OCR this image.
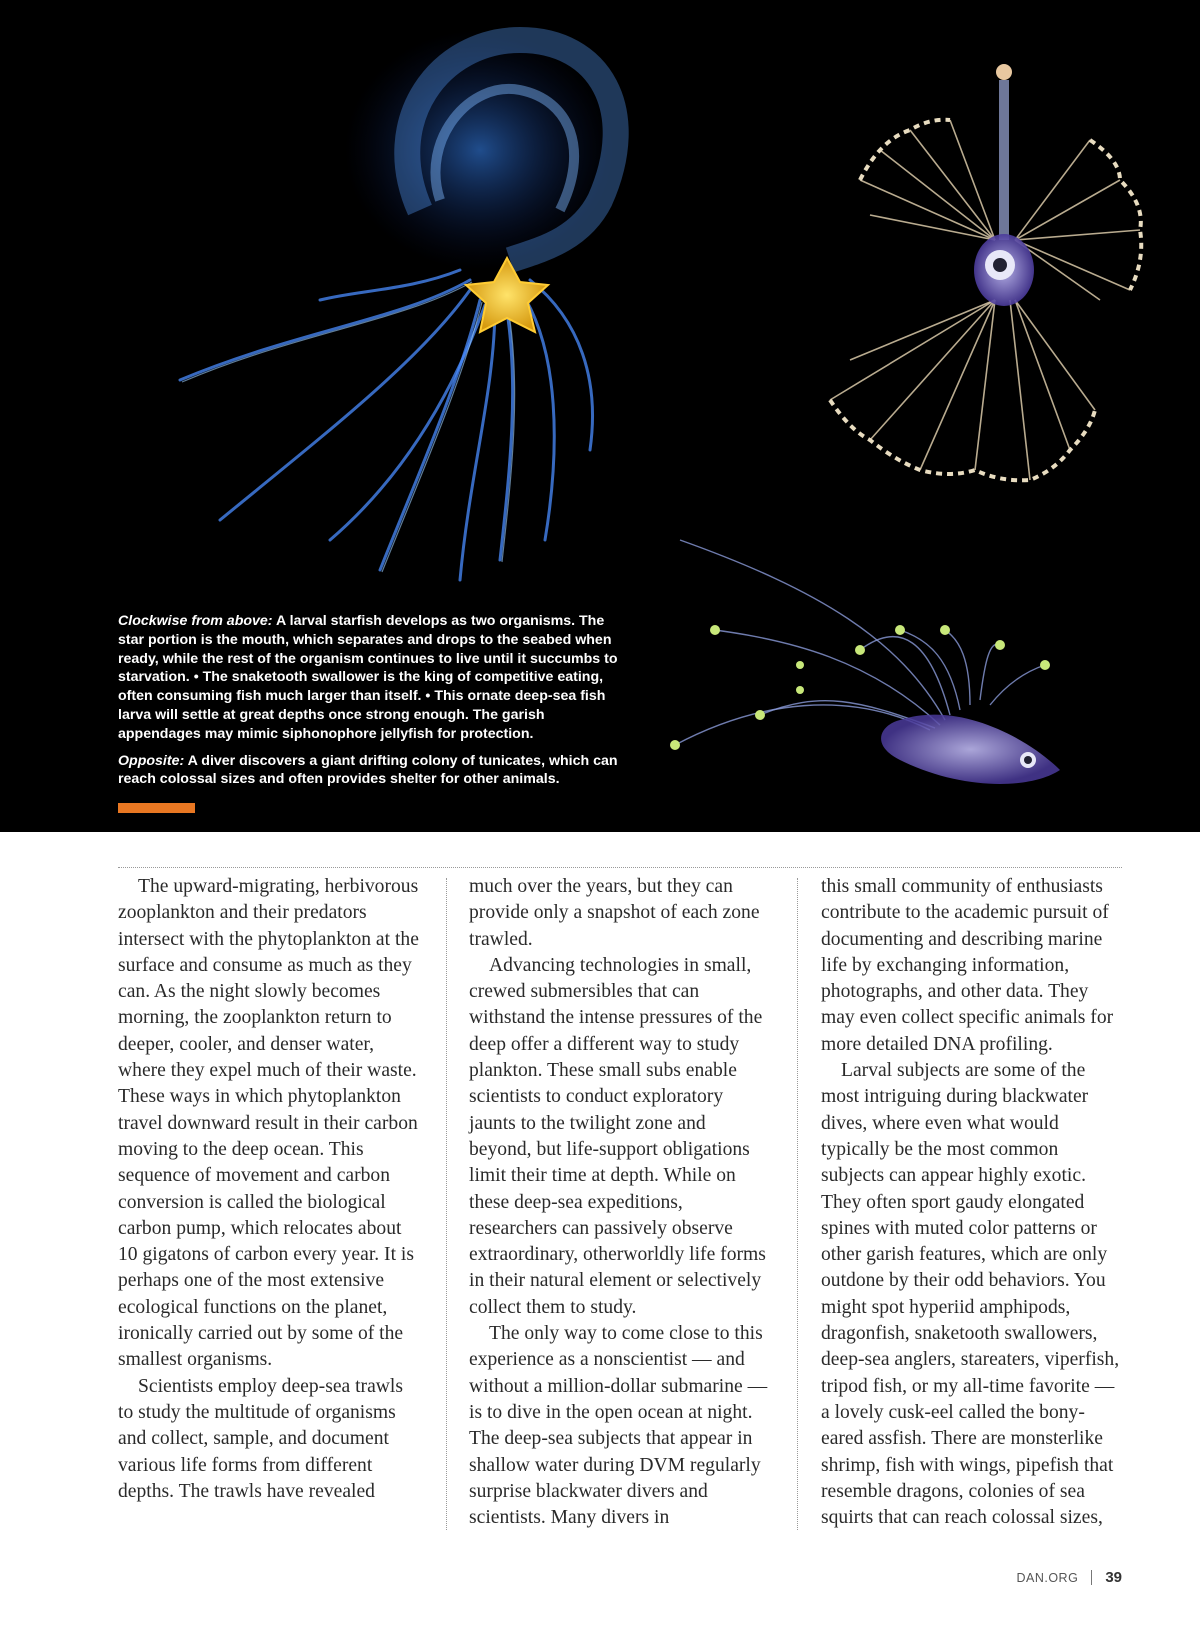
Clockwise from above: A larval starfish develops as two organisms. The star portion is the mouth, which separates and drops to the seabed when ready, while the rest of the organism continues to live until it succumbs to starvation. • The snaketooth swallower is the king of competitive eating, often consuming fish much larger than itself. • This ornate deep-sea fish larva will settle at great depths once strong enough. The garish appendages may mimic siphonophore jellyfish for protection.

Opposite: A diver discovers a giant drifting colony of tunicates, which can reach colossal sizes and often provides shelter for other animals.

The upward-migrating, herbivorous zooplankton and their predators intersect with the phytoplankton at the surface and consume as much as they can. As the night slowly becomes morning, the zooplankton return to deeper, cooler, and denser water, where they expel much of their waste. These ways in which phytoplankton travel downward result in their carbon moving to the deep ocean. This sequence of movement and carbon conversion is called the biological carbon pump, which relocates about 10 gigatons of carbon every year. It is perhaps one of the most extensive ecological functions on the planet, ironically carried out by some of the smallest organisms.

Scientists employ deep-sea trawls to study the multitude of organisms and collect, sample, and document various life forms from different depths. The trawls have revealed

much over the years, but they can provide only a snapshot of each zone trawled.

Advancing technologies in small, crewed submersibles that can withstand the intense pressures of the deep offer a different way to study plankton. These small subs enable scientists to conduct exploratory jaunts to the twilight zone and beyond, but life-support obligations limit their time at depth. While on these deep-sea expeditions, researchers can passively observe extraordinary, otherworldly life forms in their natural element or selectively collect them to study.

The only way to come close to this experience as a nonscientist — and without a million-dollar submarine — is to dive in the open ocean at night. The deep-sea subjects that appear in shallow water during DVM regularly surprise blackwater divers and scientists. Many divers in

this small community of enthusiasts contribute to the academic pursuit of documenting and describing marine life by exchanging information, photographs, and other data. They may even collect specific animals for more detailed DNA profiling.

Larval subjects are some of the most intriguing during blackwater dives, where even what would typically be the most common subjects can appear highly exotic. They often sport gaudy elongated spines with muted color patterns or other garish features, which are only outdone by their odd behaviors. You might spot hyperiid amphipods, dragonfish, snaketooth swallowers, deep-sea anglers, stareaters, viperfish, tripod fish, or my all-time favorite — a lovely cusk-eel called the bony-eared assfish. There are monsterlike shrimp, fish with wings, pipefish that resemble dragons, colonies of sea squirts that can reach colossal sizes,

DAN.ORG 39
